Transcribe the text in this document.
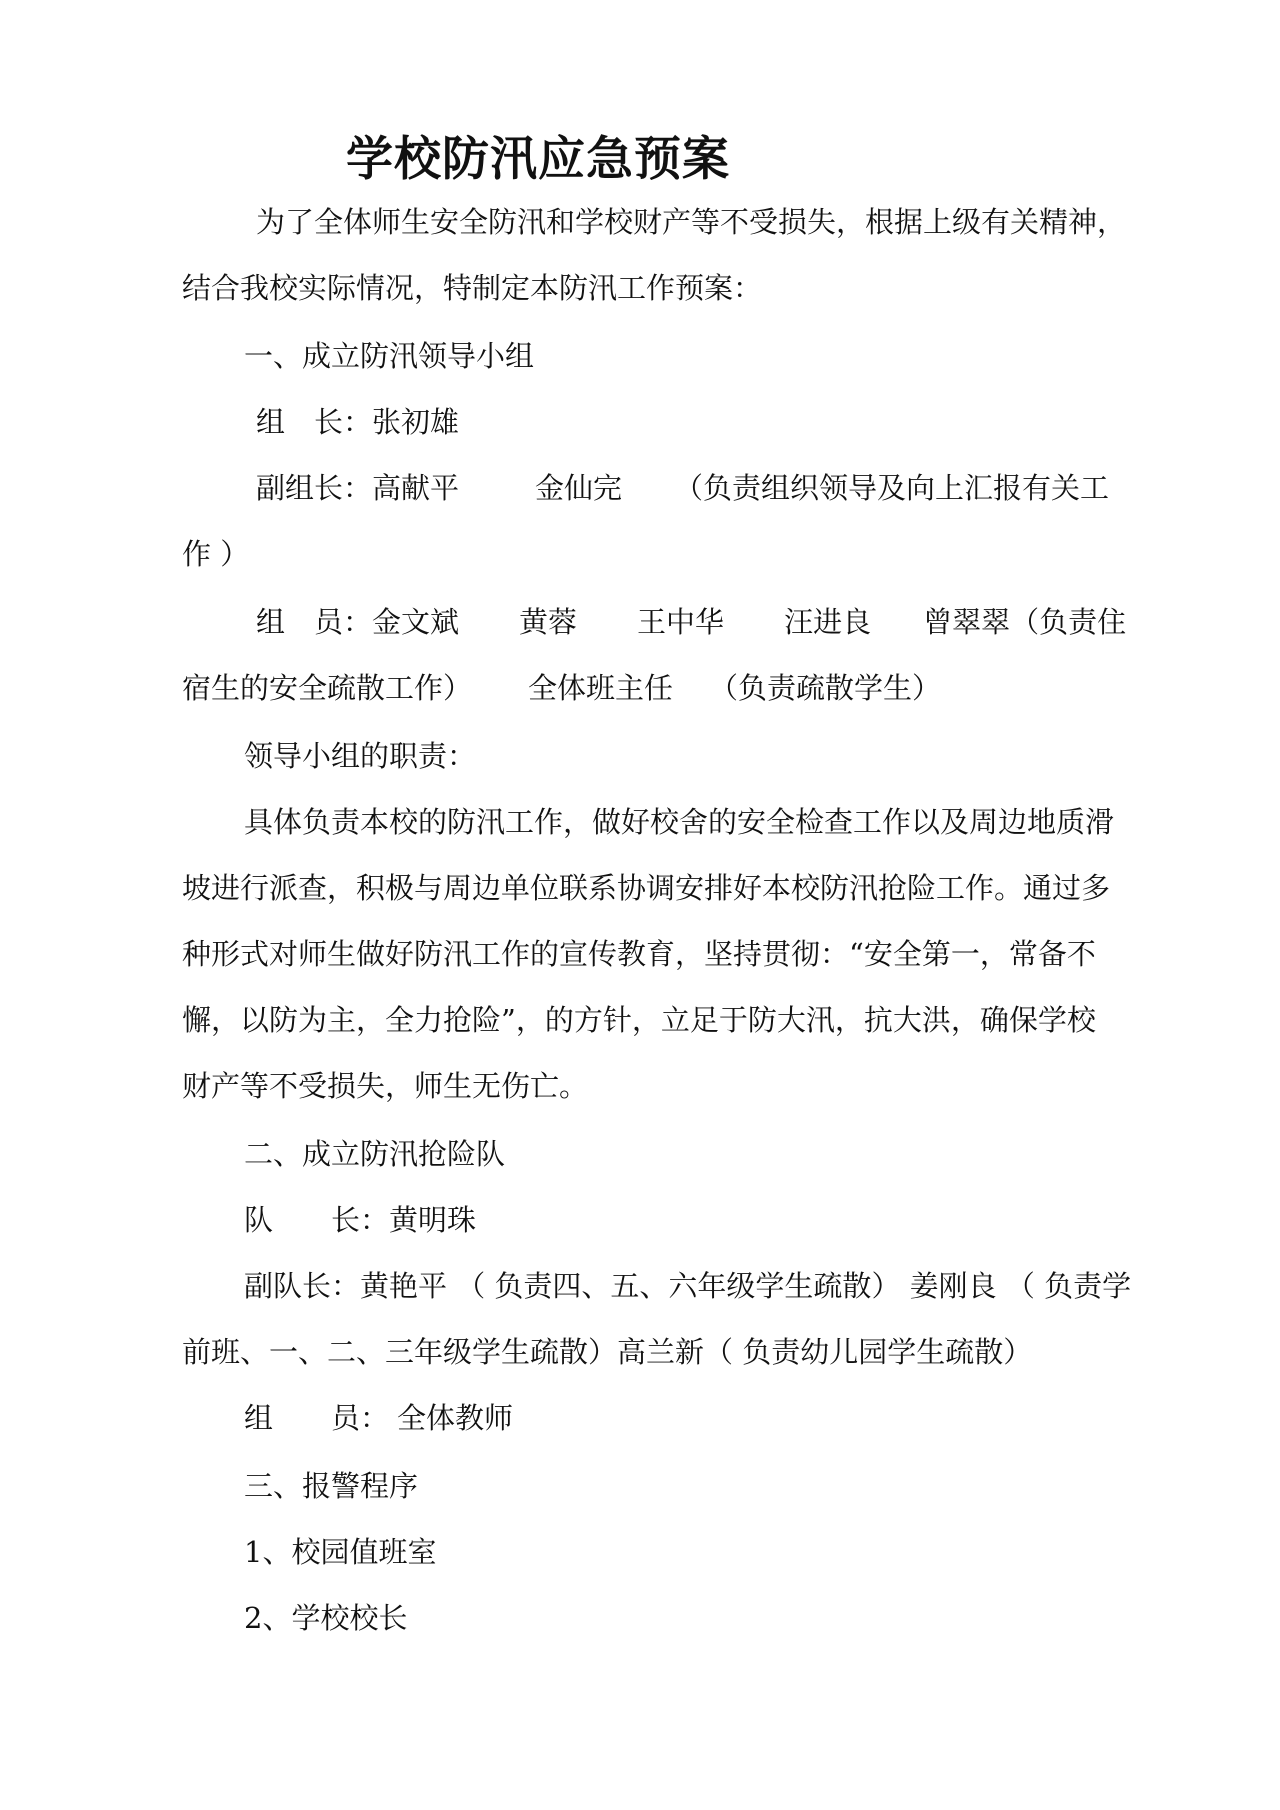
学校防汛应急预案
为了全体师生安全防汛和学校财产等不受损失，根据上级有关精神，
结合我校实际情况，特制定本防汛工作预案：
一、成立防汛领导小组
组　长：张初雄
副组长：高献平	金仙完 （负责组织领导及向上汇报有关工
作 ）
组　员：金文斌 黄蓉 王中华 汪进良 曾翠翠（负责住
宿生的安全疏散工作） 全体班主任 （负责疏散学生）
领导小组的职责：
具体负责本校的防汛工作，做好校舍的安全检查工作以及周边地质滑
坡进行派查，积极与周边单位联系协调安排好本校防汛抢险工作。通过多
种形式对师生做好防汛工作的宣传教育，坚持贯彻：“安全第一，常备不
懈，以防为主，全力抢险”，的方针，立足于防大汛，抗大洪，确保学校
财产等不受损失，师生无伤亡。
二、成立防汛抢险队
队　　长：黄明珠
副队长：黄艳平 （ 负责四、五、六年级学生疏散） 姜刚良 （ 负责学
前班、一、二、三年级学生疏散）高兰新（ 负责幼儿园学生疏散）
组　　员： 全体教师
三、报警程序
1、校园值班室
2、学校校长
